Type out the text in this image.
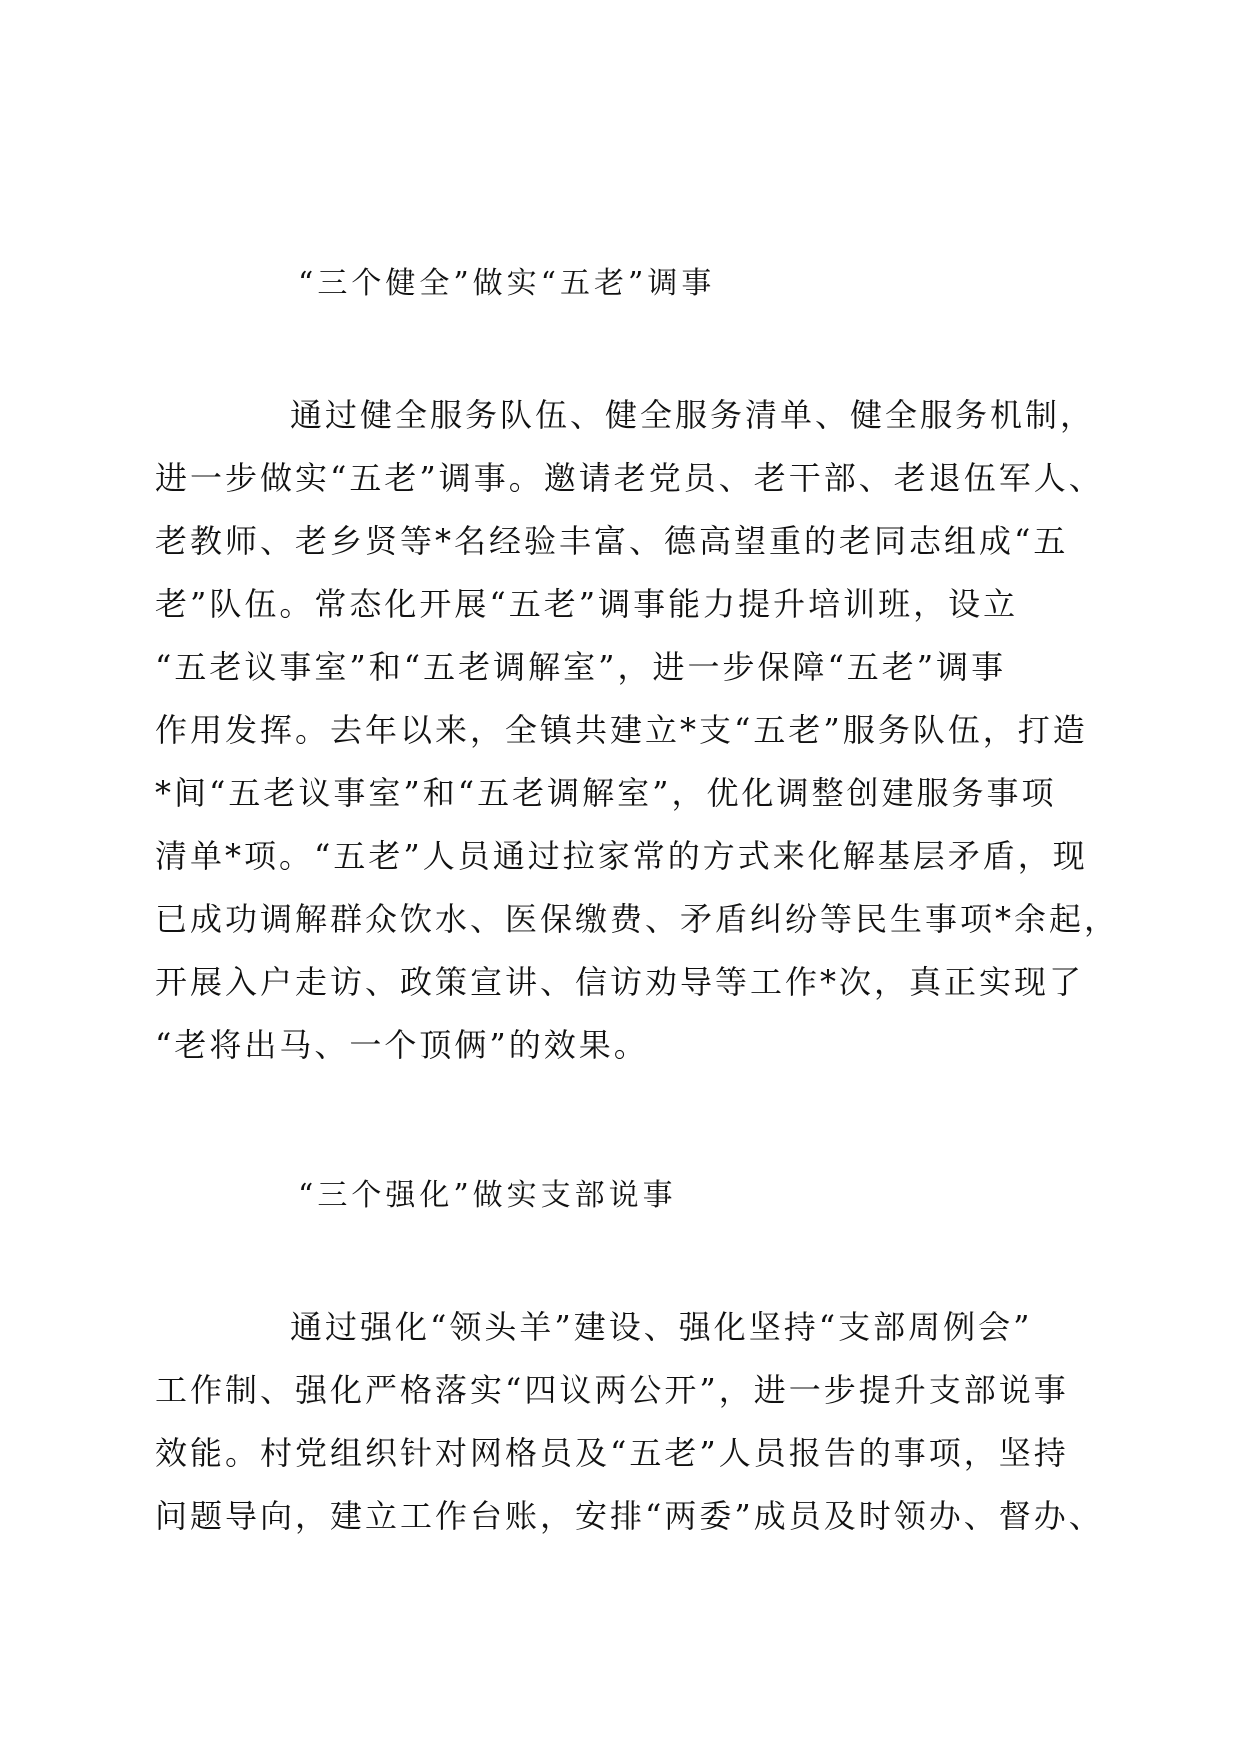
“三个健全”做实“五老”调事
通过健全服务队伍、健全服务清单、健全服务机制，
进一步做实“五老”调事。邀请老党员、老干部、老退伍军人、
老教师、老乡贤等*名经验丰富、德高望重的老同志组成“五
老”队伍。常态化开展“五老”调事能力提升培训班，设立
“五老议事室”和“五老调解室”，进一步保障“五老”调事
作用发挥。去年以来，全镇共建立*支“五老”服务队伍，打造
*间“五老议事室”和“五老调解室”，优化调整创建服务事项
清单*项。“五老”人员通过拉家常的方式来化解基层矛盾，现
已成功调解群众饮水、医保缴费、矛盾纠纷等民生事项*余起，
开展入户走访、政策宣讲、信访劝导等工作*次，真正实现了
“老将出马、一个顶俩”的效果。
“三个强化”做实支部说事
通过强化“领头羊”建设、强化坚持“支部周例会”
工作制、强化严格落实“四议两公开”，进一步提升支部说事
效能。村党组织针对网格员及“五老”人员报告的事项，坚持
问题导向，建立工作台账，安排“两委”成员及时领办、督办、
